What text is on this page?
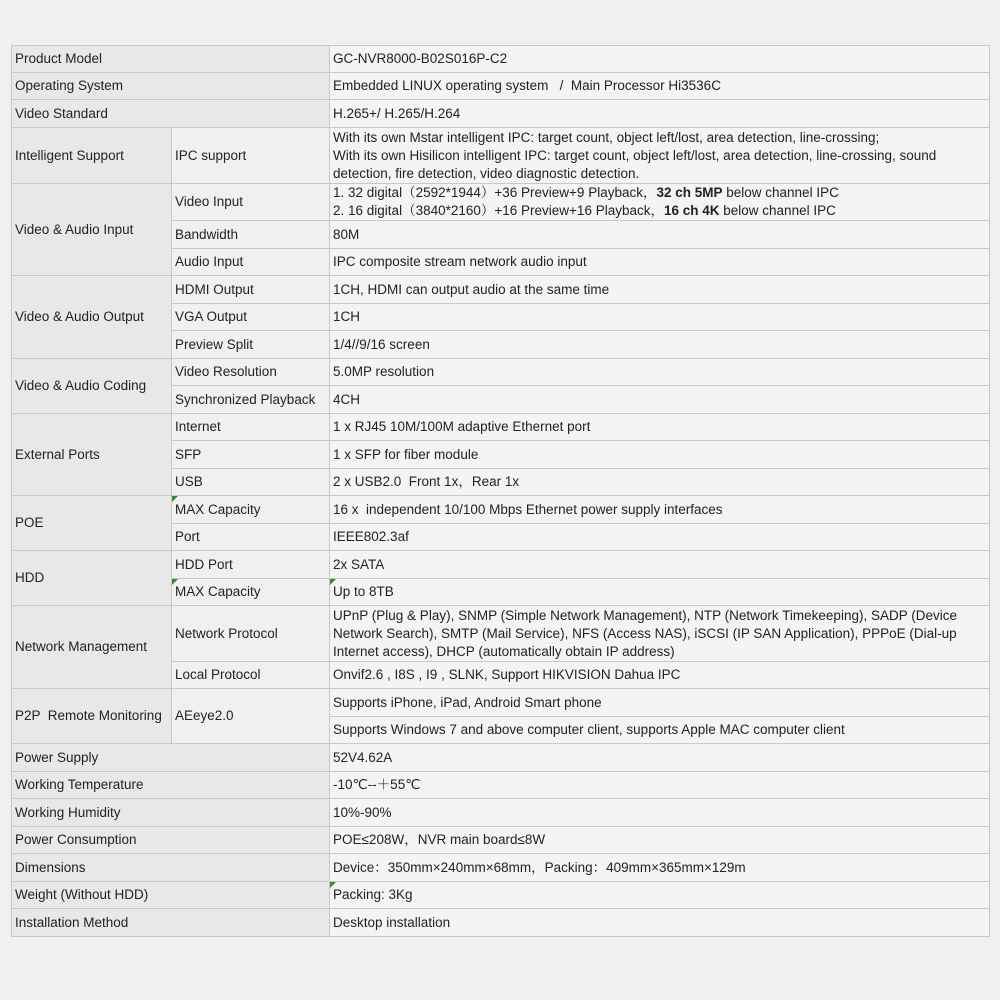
Product Model		GC-NVR8000-B02S016P-C2
Operating System		Embedded LINUX operating system   /  Main Processor Hi3536C
Video Standard		H.265+/ H.265/H.264
Intelligent Support	IPC support	With its own Mstar intelligent IPC: target count, object left/lost, area detection, line-crossing;
With its own Hisilicon intelligent IPC: target count, object left/lost, area detection, line-crossing, sound
detection, fire detection, video diagnostic detection.

Video & Audio Input	Video Input	1. 32 digital（2592*1944）+36 Preview+9 Playback，32 ch 5MP below channel IPC
2. 16 digital（3840*2160）+16 Preview+16 Playback，16 ch 4K below channel IPC

	Bandwidth	80M
	Audio Input	IPC composite stream network audio input
Video & Audio Output	HDMI Output	1CH, HDMI can output audio at the same time
	VGA Output	1CH
	Preview Split	1/4//9/16 screen
Video & Audio Coding	Video Resolution	5.0MP resolution
	Synchronized Playback	4CH
External Ports	Internet	1 x RJ45 10M/100M adaptive Ethernet port
	SFP	1 x SFP for fiber module
	USB	2 x USB2.0  Front 1x，Rear 1x
POE	MAX Capacity	16 x  independent 10/100 Mbps Ethernet power supply interfaces
	Port	IEEE802.3af
HDD	HDD Port	2x SATA
	MAX Capacity	Up to 8TB
Network Management	Network Protocol	UPnP (Plug & Play), SNMP (Simple Network Management), NTP (Network Timekeeping), SADP (Device
Network Search), SMTP (Mail Service), NFS (Access NAS), iSCSI (IP SAN Application), PPPoE (Dial-up
Internet access), DHCP (automatically obtain IP address)

	Local Protocol	Onvif2.6 , I8S , I9 , SLNK, Support HIKVISION Dahua IPC
P2P  Remote Monitoring	AEeye2.0	Supports iPhone, iPad, Android Smart phone
		Supports Windows 7 and above computer client, supports Apple MAC computer client
Power Supply		52V4.62A
Working Temperature		-10℃--＋55℃
Working Humidity		10%-90%
Power Consumption		POE≤208W，NVR main board≤8W
Dimensions		Device：350mm×240mm×68mm，Packing：409mm×365mm×129m
Weight (Without HDD)		Packing: 3Kg
Installation Method		Desktop installation
